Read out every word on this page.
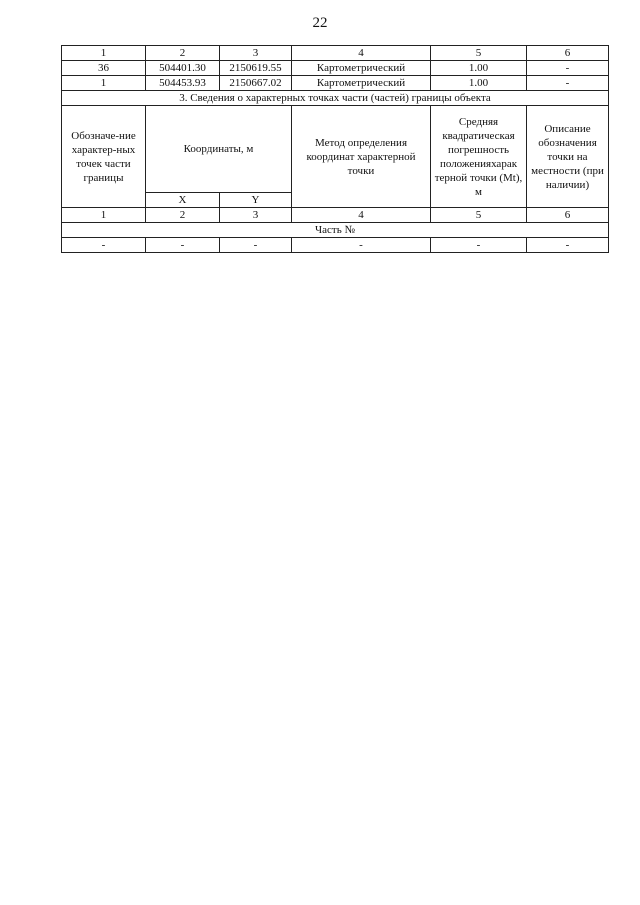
22
1	2	3	4	5	6
36	504401.30	2150619.55	Картометрический	1.00	-
1	504453.93	2150667.02	Картометрический	1.00	-
3. Сведения о характерных точках части (частей) границы объекта					
Обозначе-ние характер-ных точек части границы	Координаты, м		Метод определения координат характерной точки	Средняя квадратическая погрешность положенияхарак терной точки (Mt), м	Описание обозначения точки на местности (при наличии)
	X	Y			
1	2	3	4	5	6
Часть №					
-	-	-	-	-	-
